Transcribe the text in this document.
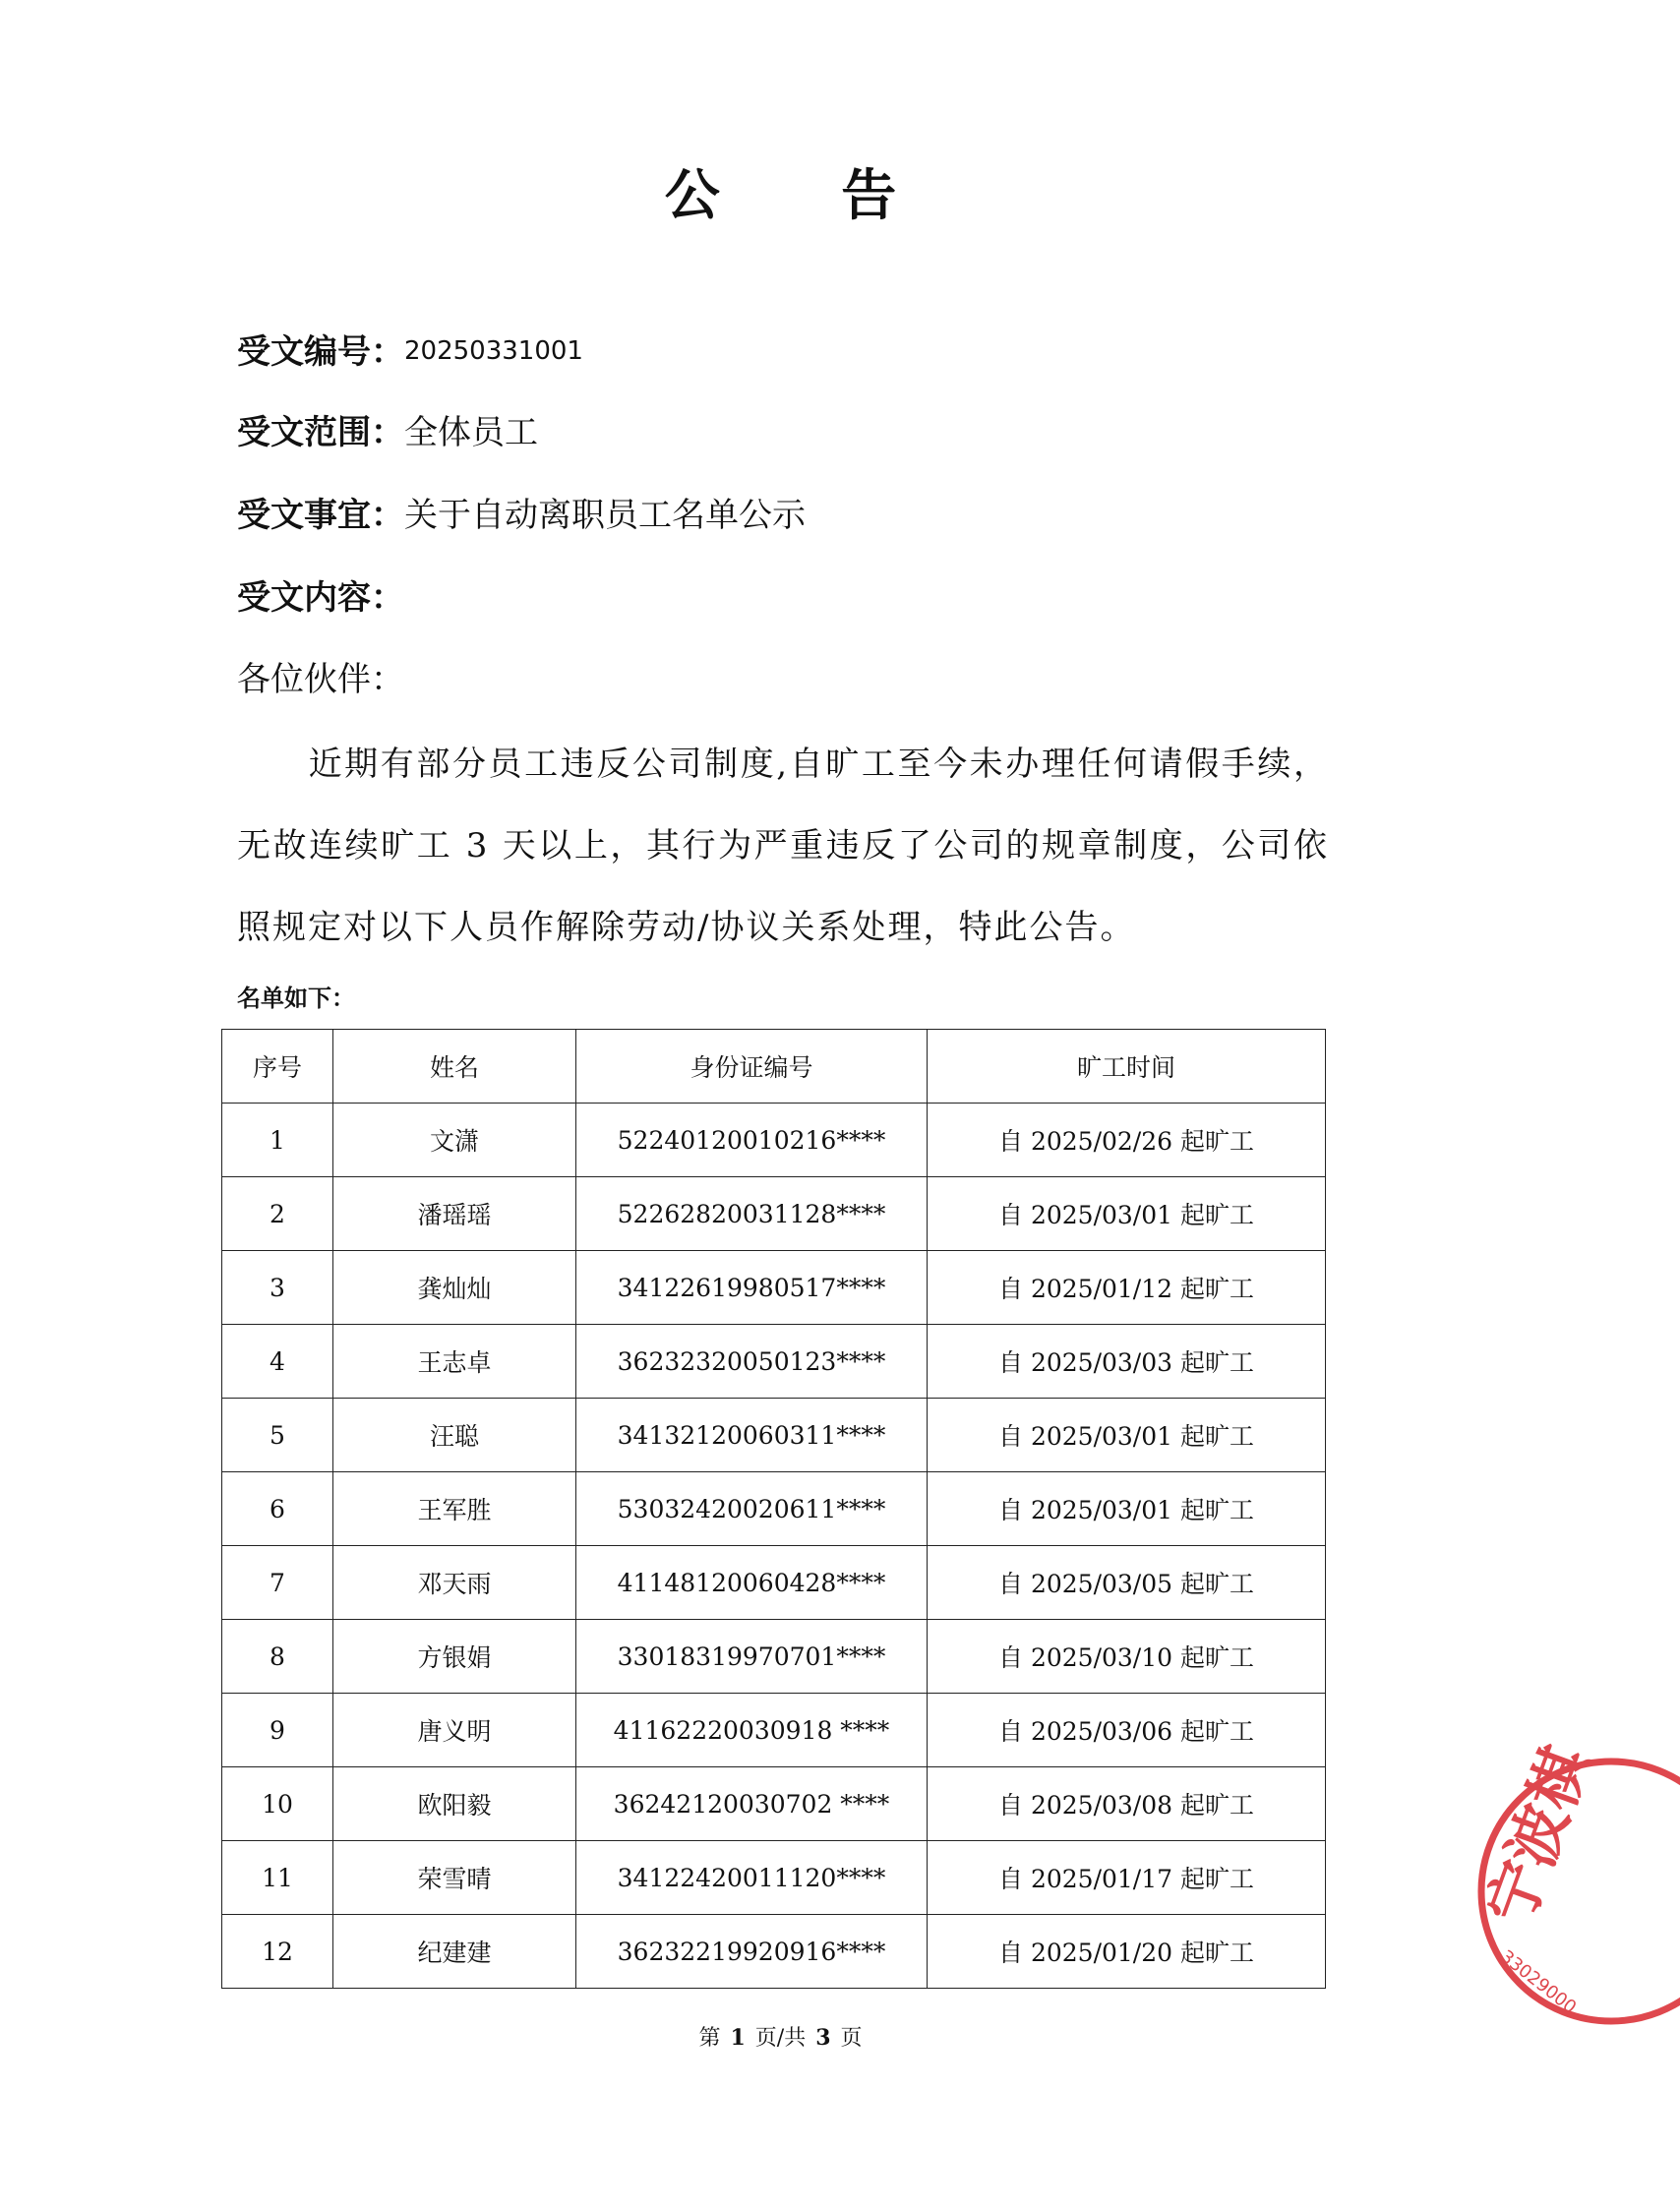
公 告
受文编号：20250331001
受文范围：全体员工
受文事宜：关于自动离职员工名单公示
受文内容：
各位伙伴：
近期有部分员工违反公司制度,自旷工至今未办理任何请假手续，无故连续旷工 3 天以上，其行为严重违反了公司的规章制度，公司依照规定对以下人员作解除劳动/协议关系处理，特此公告。
名单如下：
序号	姓名	身份证编号	旷工时间
1	文潇	52240120010216****	自 2025/02/26 起旷工
2	潘瑶瑶	52262820031128****	自 2025/03/01 起旷工
3	龚灿灿	34122619980517****	自 2025/01/12 起旷工
4	王志卓	36232320050123****	自 2025/03/03 起旷工
5	汪聪	34132120060311****	自 2025/03/01 起旷工
6	王军胜	53032420020611****	自 2025/03/01 起旷工
7	邓天雨	41148120060428****	自 2025/03/05 起旷工
8	方银娟	33018319970701****	自 2025/03/10 起旷工
9	唐义明	41162220030918 ****	自 2025/03/06 起旷工
10	欧阳毅	36242120030702 ****	自 2025/03/08 起旷工
11	荣雪晴	34122420011120****	自 2025/01/17 起旷工
12	纪建建	36232219920916****	自 2025/01/20 起旷工
第 1 页/共 3 页
宁波棋
33029000
